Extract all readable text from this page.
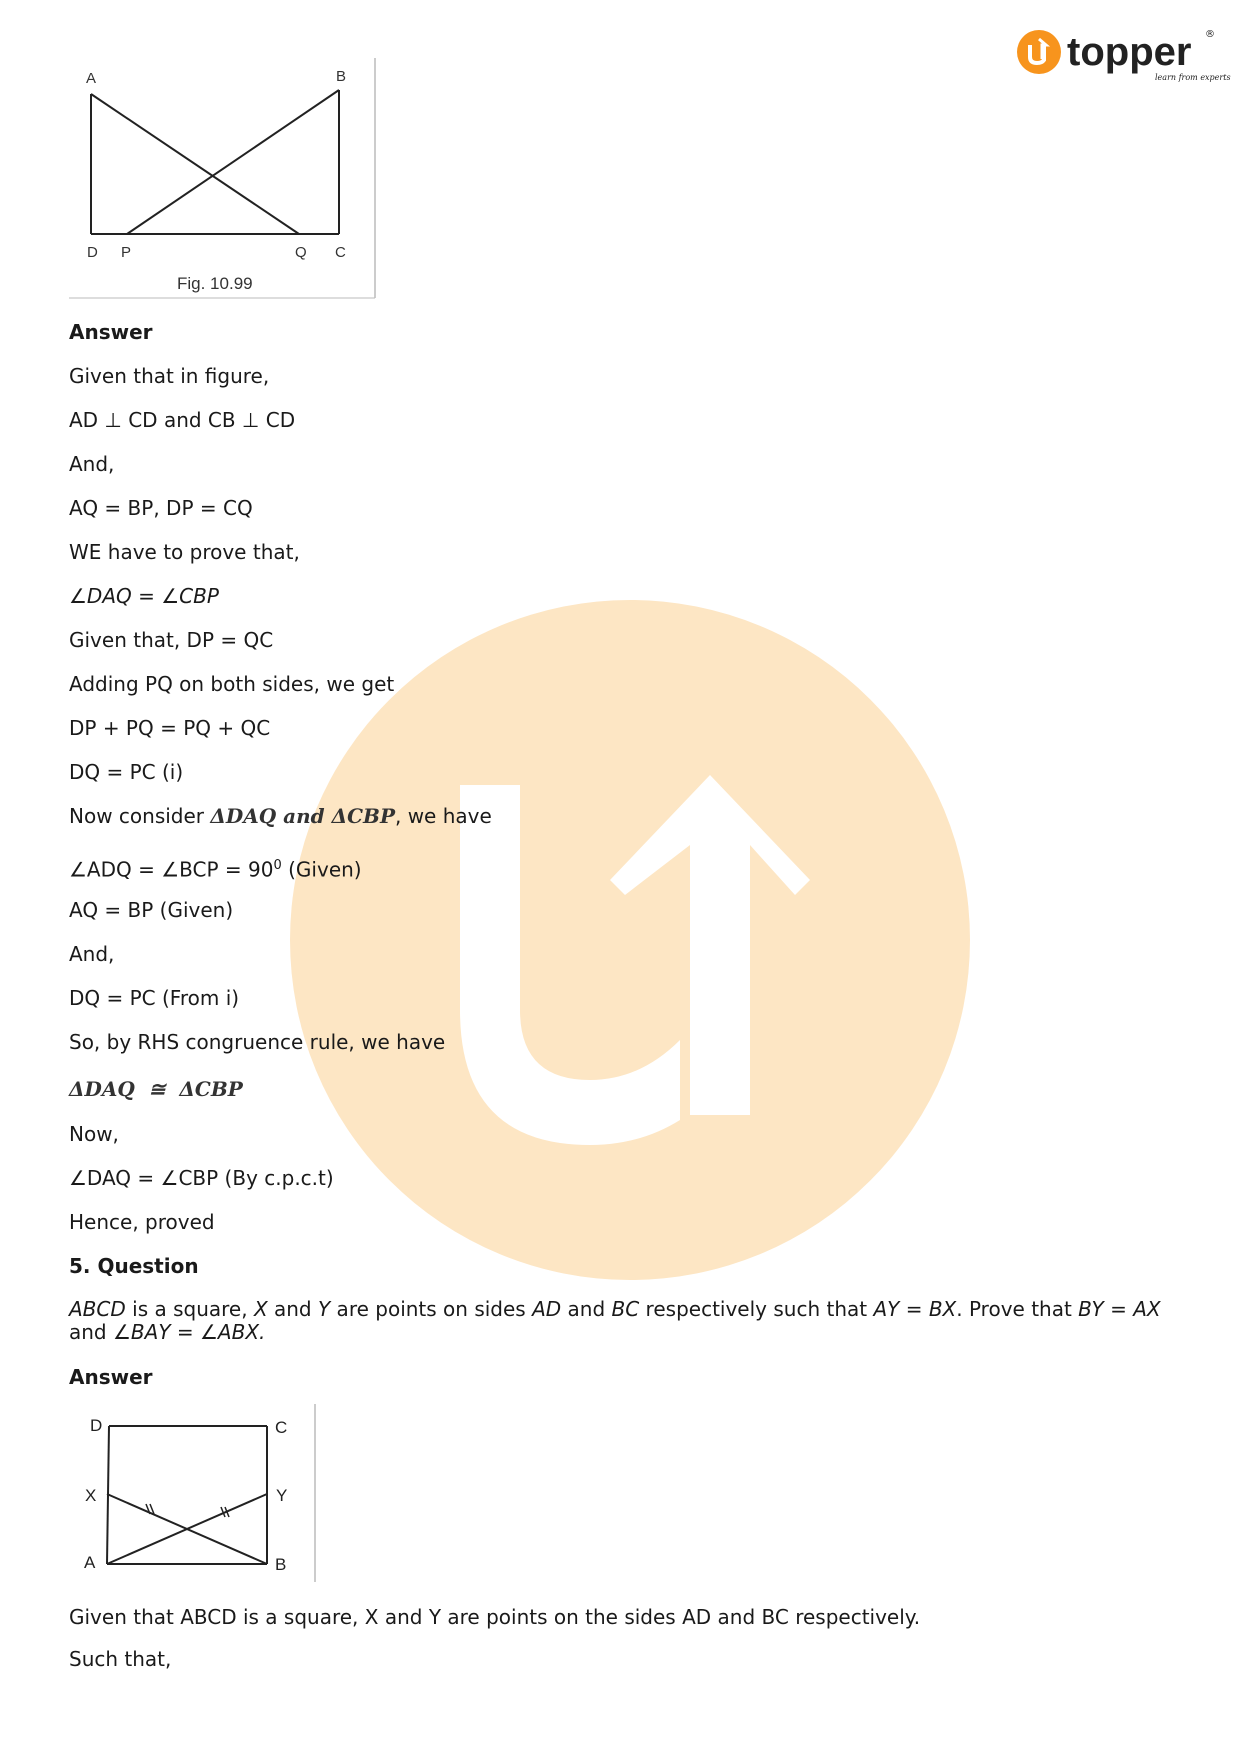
topper ®
learn from experts
A	B
D P	Q C
Fig. 10.99
Answer
Given that in figure,
AD ⊥ CD and CB ⊥ CD
And,
AQ = BP, DP = CQ
WE have to prove that,
∠DAQ = ∠CBP
Given that, DP = QC
Adding PQ on both sides, we get
DP + PQ = PQ + QC
DQ = PC (i)
Now consider ΔDAQ and ΔCBP, we have
∠ADQ = ∠BCP = $90^0$ (Given)
AQ = BP (Given)
And,
DQ = PC (From i)
So, by RHS congruence rule, we have
ΔDAQ  ≅  ΔCBP
Now,
∠DAQ = ∠CBP (By c.p.c.t)
Hence, proved
5. Question
ABCD is a square, X and Y are points on sides AD and BC respectively such that AY = BX. Prove that BY = AX
and ∠BAY = ∠ABX.
Answer
D	C
X	Y
A	B
Given that ABCD is a square, X and Y are points on the sides AD and BC respectively.
Such that,
